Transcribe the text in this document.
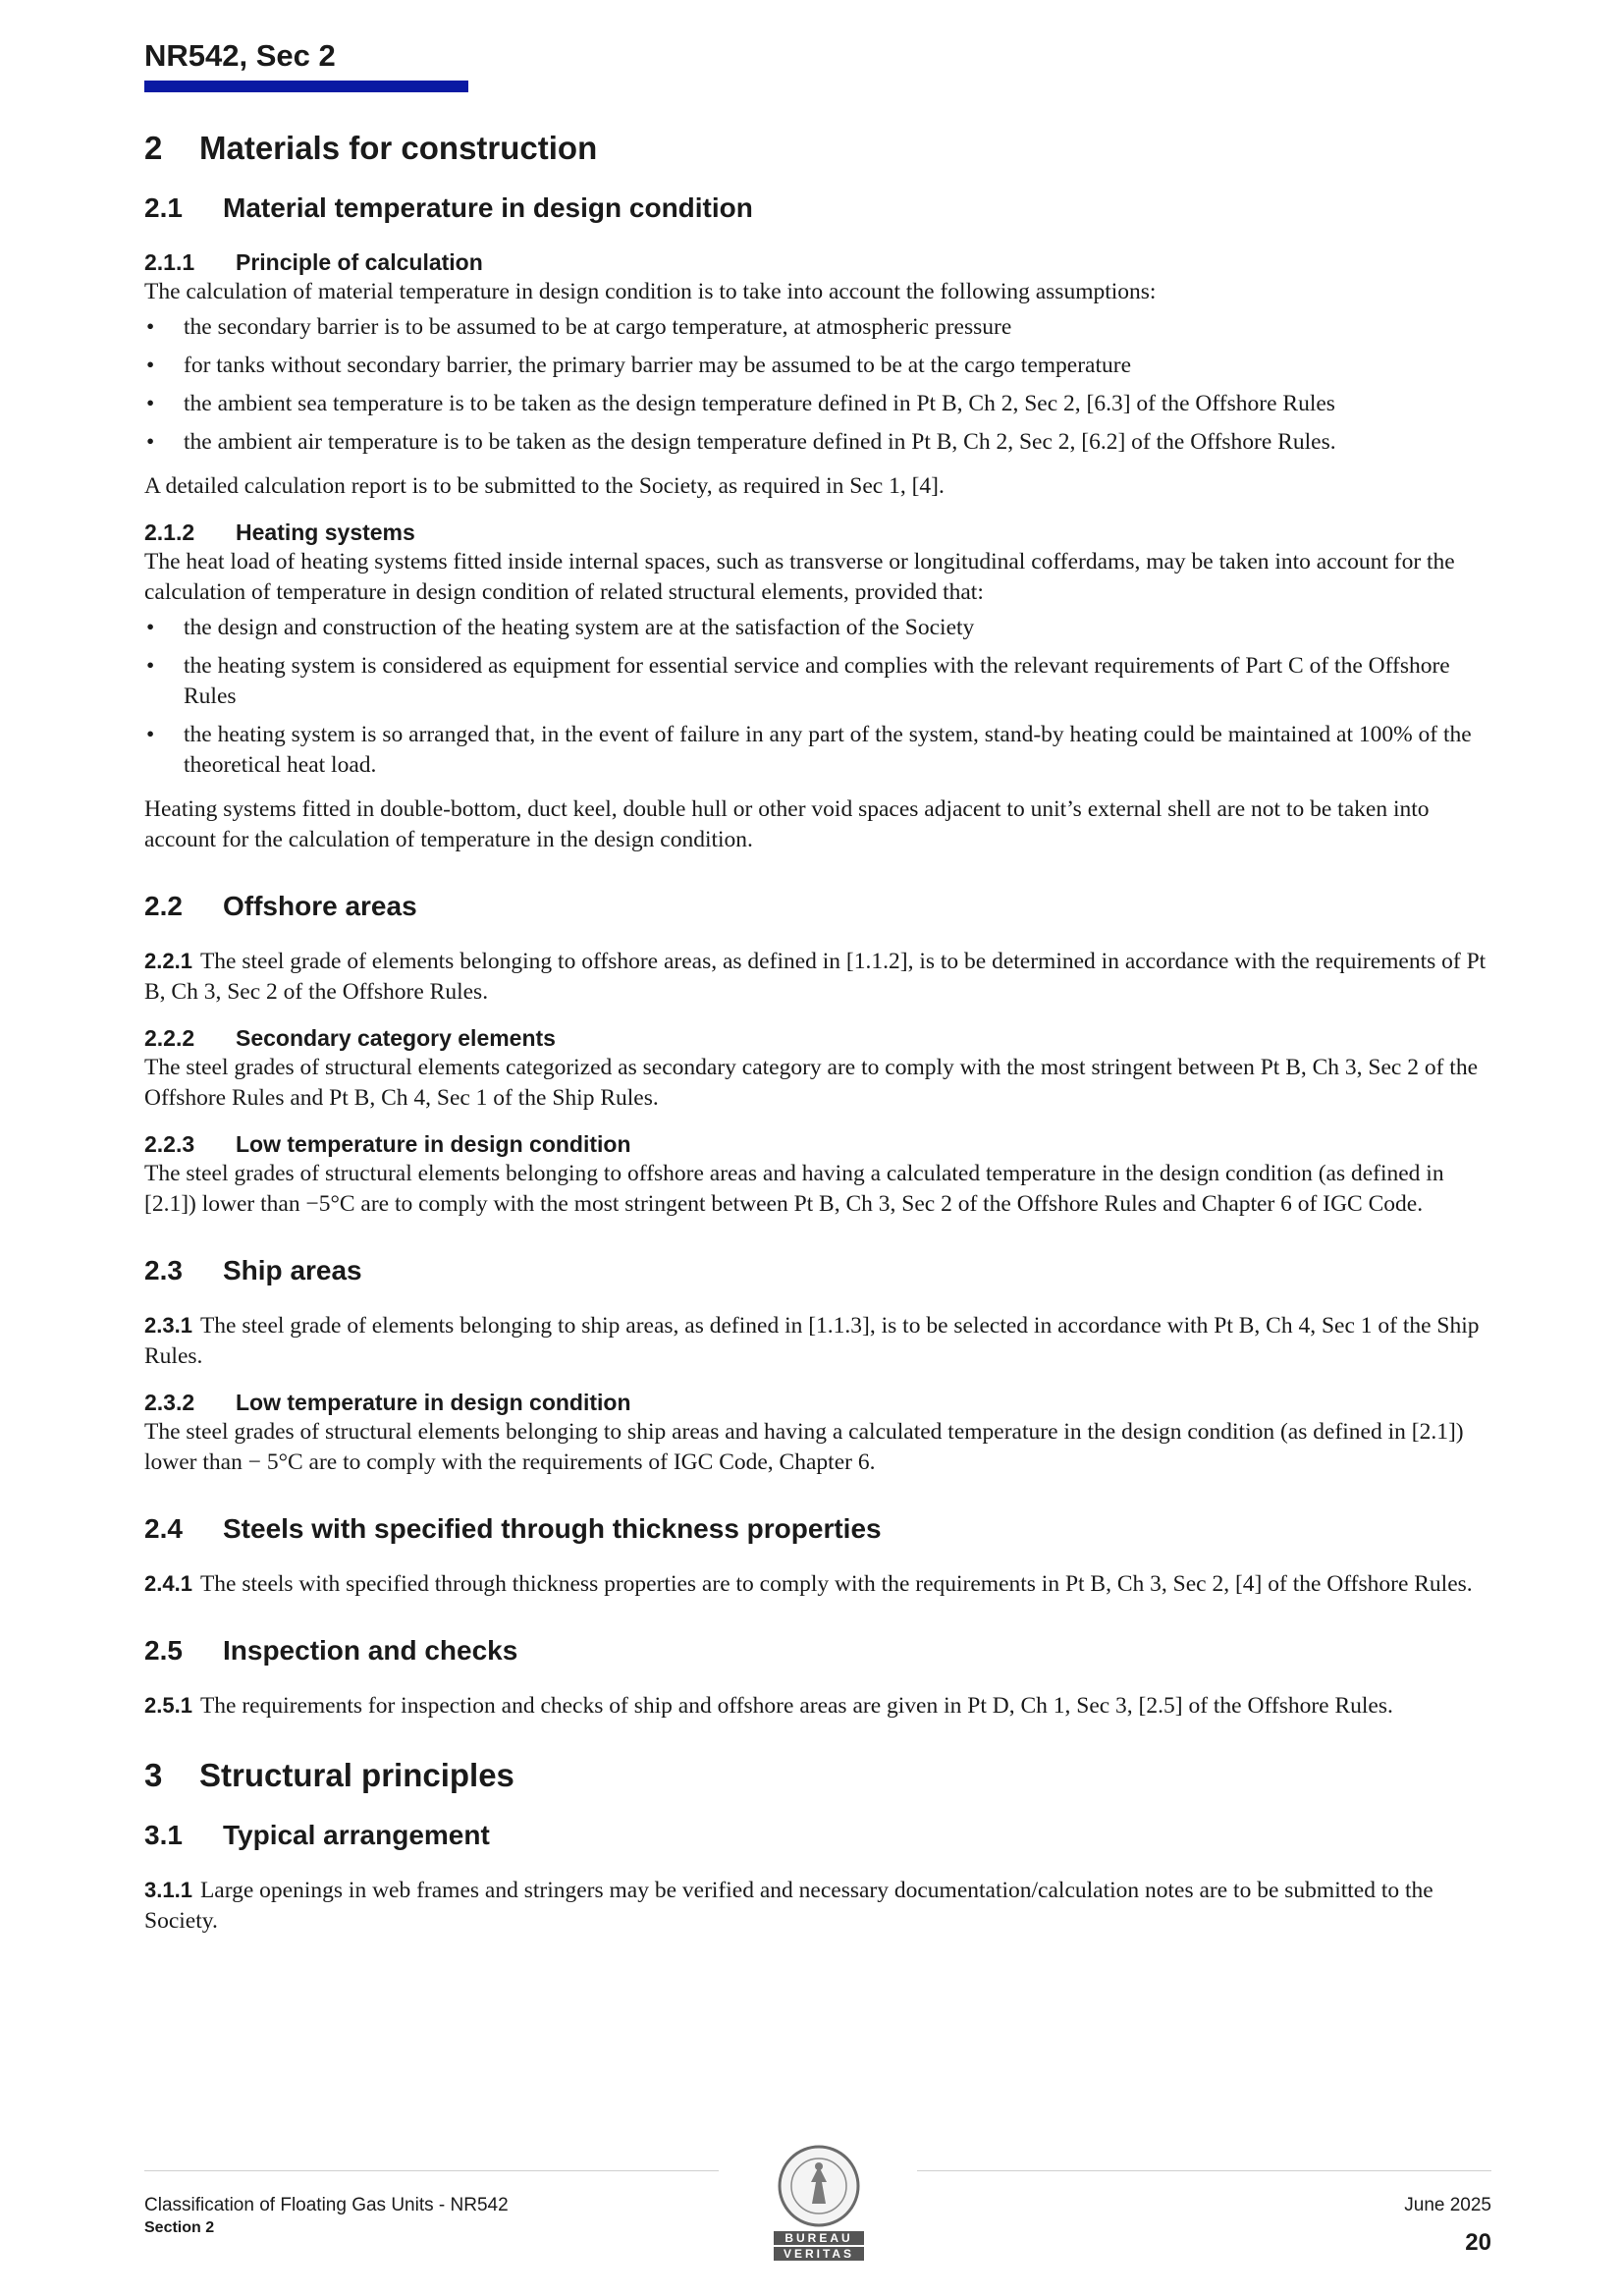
NR542, Sec 2

2 Materials for construction
2.1 Material temperature in design condition
2.1.1 Principle of calculation

The calculation of material temperature in design condition is to take into account the following assumptions:

• the secondary barrier is to be assumed to be at cargo temperature, at atmospheric pressure
• for tanks without secondary barrier, the primary barrier may be assumed to be at the cargo temperature
• the ambient sea temperature is to be taken as the design temperature defined in Pt B, Ch 2, Sec 2, [6.3] of the Offshore Rules
• the ambient air temperature is to be taken as the design temperature defined in Pt B, Ch 2, Sec 2, [6.2] of the Offshore Rules.

A detailed calculation report is to be submitted to the Society, as required in Sec 1, [4].

2.1.2 Heating systems

The heat load of heating systems fitted inside internal spaces, such as transverse or longitudinal cofferdams, may be taken into account for the calculation of temperature in design condition of related structural elements, provided that:

• the design and construction of the heating system are at the satisfaction of the Society
• the heating system is considered as equipment for essential service and complies with the relevant requirements of Part C of the Offshore Rules
• the heating system is so arranged that, in the event of failure in any part of the system, stand-by heating could be maintained at 100% of the theoretical heat load.

Heating systems fitted in double-bottom, duct keel, double hull or other void spaces adjacent to unit’s external shell are not to be taken into account for the calculation of temperature in the design condition.

2.2 Offshore areas

2.2.1 The steel grade of elements belonging to offshore areas, as defined in [1.1.2], is to be determined in accordance with the requirements of Pt B, Ch 3, Sec 2 of the Offshore Rules.

2.2.2 Secondary category elements

The steel grades of structural elements categorized as secondary category are to comply with the most stringent between Pt B, Ch 3, Sec 2 of the Offshore Rules and Pt B, Ch 4, Sec 1 of the Ship Rules.

2.2.3 Low temperature in design condition

The steel grades of structural elements belonging to offshore areas and having a calculated temperature in the design condition (as defined in [2.1]) lower than −5°C are to comply with the most stringent between Pt B, Ch 3, Sec 2 of the Offshore Rules and Chapter 6 of IGC Code.

2.3 Ship areas

2.3.1 The steel grade of elements belonging to ship areas, as defined in [1.1.3], is to be selected in accordance with Pt B, Ch 4, Sec 1 of the Ship Rules.

2.3.2 Low temperature in design condition

The steel grades of structural elements belonging to ship areas and having a calculated temperature in the design condition (as defined in [2.1]) lower than − 5°C are to comply with the requirements of IGC Code, Chapter 6.

2.4 Steels with specified through thickness properties

2.4.1 The steels with specified through thickness properties are to comply with the requirements in Pt B, Ch 3, Sec 2, [4] of the Offshore Rules.

2.5 Inspection and checks

2.5.1 The requirements for inspection and checks of ship and offshore areas are given in Pt D, Ch 1, Sec 3, [2.5] of the Offshore Rules.

3 Structural principles
3.1 Typical arrangement

3.1.1 Large openings in web frames and stringers may be verified and necessary documentation/calculation notes are to be submitted to the Society.

Classification of Floating Gas Units - NR542
Section 2
June 2025
20
BUREAU
VERITAS
